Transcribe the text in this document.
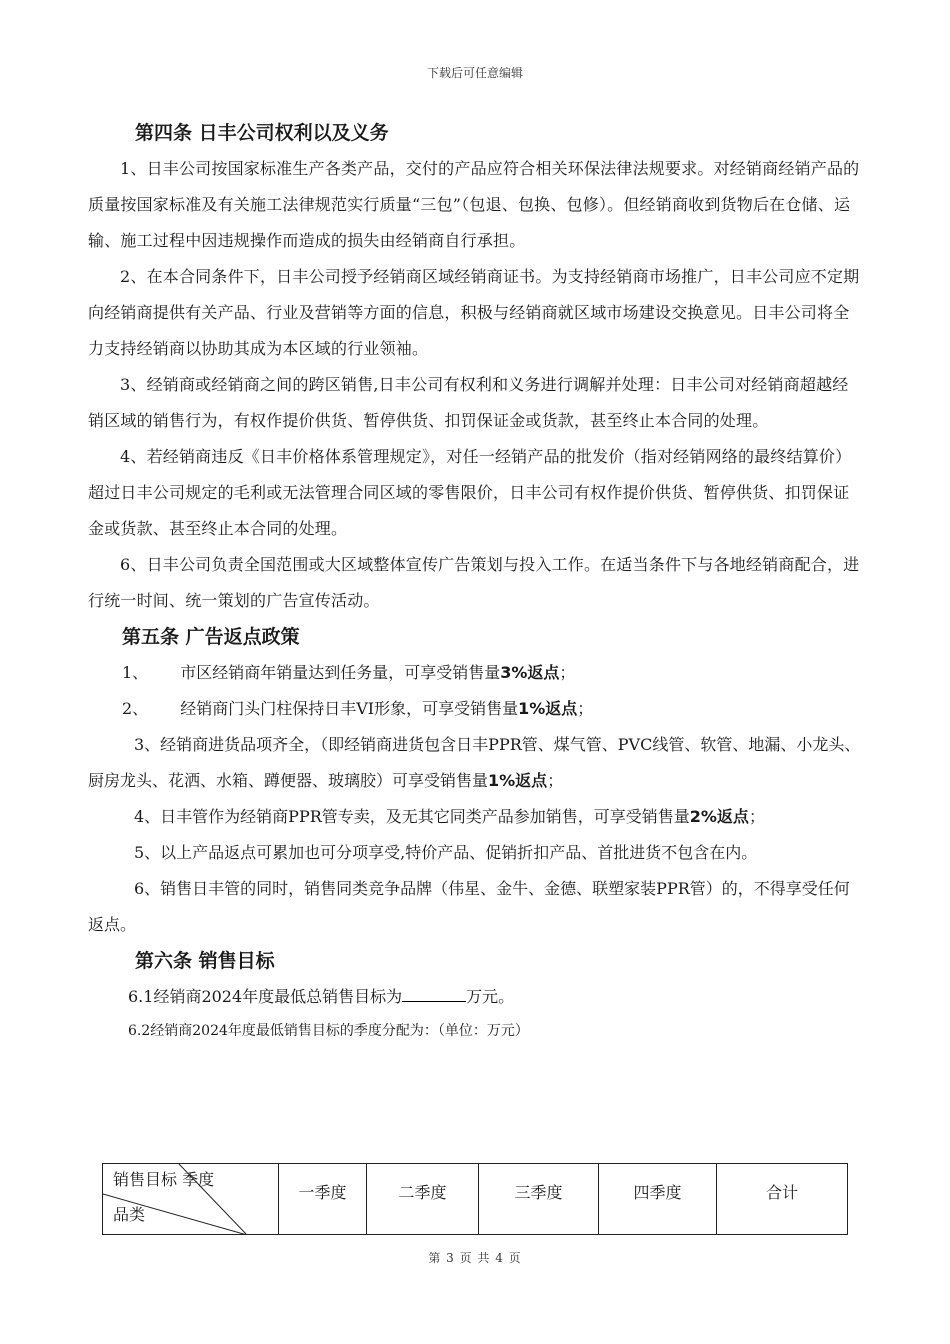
下载后可任意编辑

第四条 日丰公司权利以及义务

1、日丰公司按国家标准生产各类产品，交付的产品应符合相关环保法律法规要求。对经销商经销产品的质量按国家标准及有关施工法律规范实行质量“三包”（包退、包换、包修）。但经销商收到货物后在仓储、运输、施工过程中因违规操作而造成的损失由经销商自行承担。

2、在本合同条件下，日丰公司授予经销商区域经销商证书。为支持经销商市场推广，日丰公司应不定期向经销商提供有关产品、行业及营销等方面的信息，积极与经销商就区域市场建设交换意见。日丰公司将全力支持经销商以协助其成为本区域的行业领袖。

3、经销商或经销商之间的跨区销售,日丰公司有权利和义务进行调解并处理：日丰公司对经销商超越经销区域的销售行为，有权作提价供货、暂停供货、扣罚保证金或货款，甚至终止本合同的处理。

4、若经销商违反《日丰价格体系管理规定》，对任一经销产品的批发价（指对经销网络的最终结算价）超过日丰公司规定的毛利或无法管理合同区域的零售限价，日丰公司有权作提价供货、暂停供货、扣罚保证金或货款、甚至终止本合同的处理。

6、日丰公司负责全国范围或大区域整体宣传广告策划与投入工作。在适当条件下与各地经销商配合，进行统一时间、统一策划的广告宣传活动。

第五条 广告返点政策

1、 市区经销商年销量达到任务量，可享受销售量3%返点；

2、 经销商门头门柱保持日丰VI形象，可享受销售量1%返点；

3、经销商进货品项齐全，（即经销商进货包含日丰PPR管、煤气管、PVC线管、软管、地漏、小龙头、厨房龙头、花洒、水箱、蹲便器、玻璃胶）可享受销售量1%返点；

4、日丰管作为经销商PPR管专卖，及无其它同类产品参加销售，可享受销售量2%返点；

5、以上产品返点可累加也可分项享受,特价产品、促销折扣产品、首批进货不包含在内。

6、销售日丰管的同时，销售同类竞争品牌（伟星、金牛、金德、联塑家装PPR管）的，不得享受任何返点。

第六条 销售目标

6.1经销商2024年度最低总销售目标为	万元。

6.2经销商2024年度最低销售目标的季度分配为：（单位：万元）

销售目标 季度
品类
	一季度	二季度	三季度	四季度	合计
第 3 页 共 4 页
